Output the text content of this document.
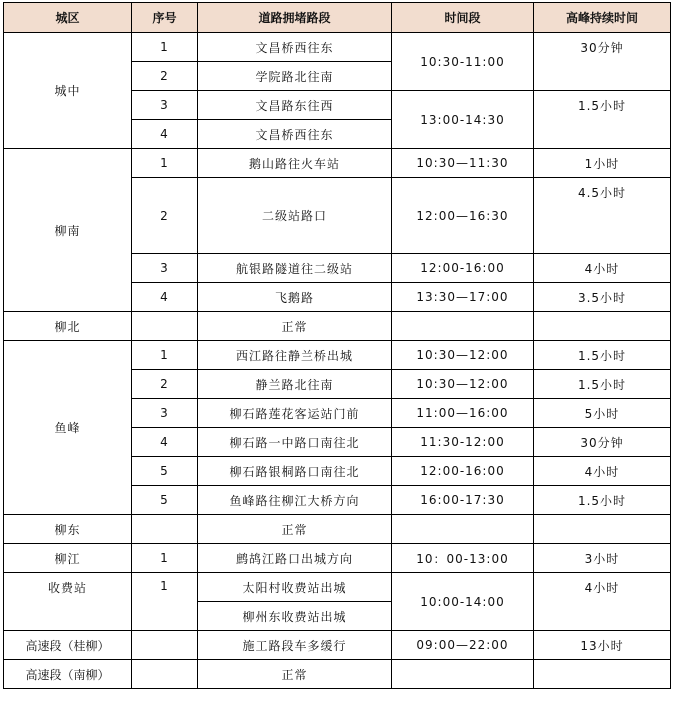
城区	序号	道路拥堵路段	时间段	高峰持续时间
城中	1	文昌桥西往东	10:30-11:00	30分钟
	2	学院路北往南		
	3	文昌路东往西	13:00-14:30	1.5小时
	4	文昌桥西往东		
柳南	1	鹅山路往火车站	10:30—11:30	1小时
	2	二级站路口	12:00—16:30	4.5小时
	3	航银路隧道往二级站	12:00-16:00	4小时
	4	飞鹅路	13:30—17:00	3.5小时
柳北		正常		
鱼峰	1	西江路往静兰桥出城	10:30—12:00	1.5小时
	2	静兰路北往南	10:30—12:00	1.5小时
	3	柳石路莲花客运站门前	11:00—16:00	5小时
	4	柳石路一中路口南往北	11:30-12:00	30分钟
	5	柳石路银桐路口南往北	12:00-16:00	4小时
	5	鱼峰路往柳江大桥方向	16:00-17:30	1.5小时
柳东		正常		
柳江	1	鹧鸪江路口出城方向	10：00-13:00	3小时
收费站	1	太阳村收费站出城	10:00-14:00	4小时
		柳州东收费站出城		
高速段（桂柳）		施工路段车多缓行	09:00—22:00	13小时
高速段（南柳）		正常		
